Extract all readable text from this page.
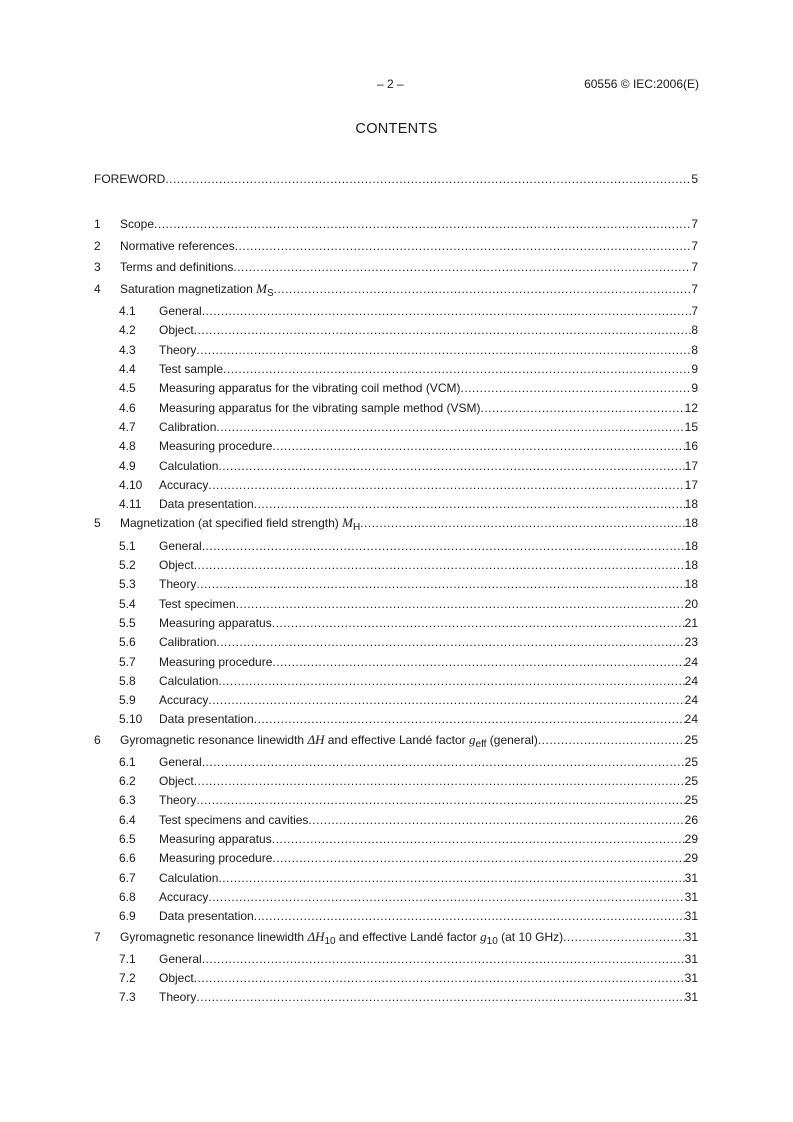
– 2 –	60556 © IEC:2006(E)
CONTENTS
FOREWORD .....	5
1 Scope .....	7
2 Normative references .....	7
3 Terms and definitions .....	7
4 Saturation magnetization $M_S$ .....	7
4.1 General .....	7
4.2 Object .....	8
4.3 Theory .....	8
4.4 Test sample .....	9
4.5 Measuring apparatus for the vibrating coil method (VCM) .....	9
4.6 Measuring apparatus for the vibrating sample method (VSM) .....	12
4.7 Calibration .....	15
4.8 Measuring procedure .....	16
4.9 Calculation .....	17
4.10 Accuracy .....	17
4.11 Data presentation .....	18
5 Magnetization (at specified field strength) $M_H$ .....	18
5.1 General .....	18
5.2 Object .....	18
5.3 Theory .....	18
5.4 Test specimen .....	20
5.5 Measuring apparatus .....	21
5.6 Calibration .....	23
5.7 Measuring procedure .....	24
5.8 Calculation .....	24
5.9 Accuracy .....	24
5.10 Data presentation .....	24
6 Gyromagnetic resonance linewidth ΔH and effective Landé factor $g_{eff}$ (general) .....	25
6.1 General .....	25
6.2 Object .....	25
6.3 Theory .....	25
6.4 Test specimens and cavities .....	26
6.5 Measuring apparatus .....	29
6.6 Measuring procedure .....	29
6.7 Calculation .....	31
6.8 Accuracy .....	31
6.9 Data presentation .....	31
7 Gyromagnetic resonance linewidth $\Delta H_{10}$ and effective Landé factor $g_{10}$ (at 10 GHz) .....	31
7.1 General .....	31
7.2 Object .....	31
7.3 Theory .....	31
